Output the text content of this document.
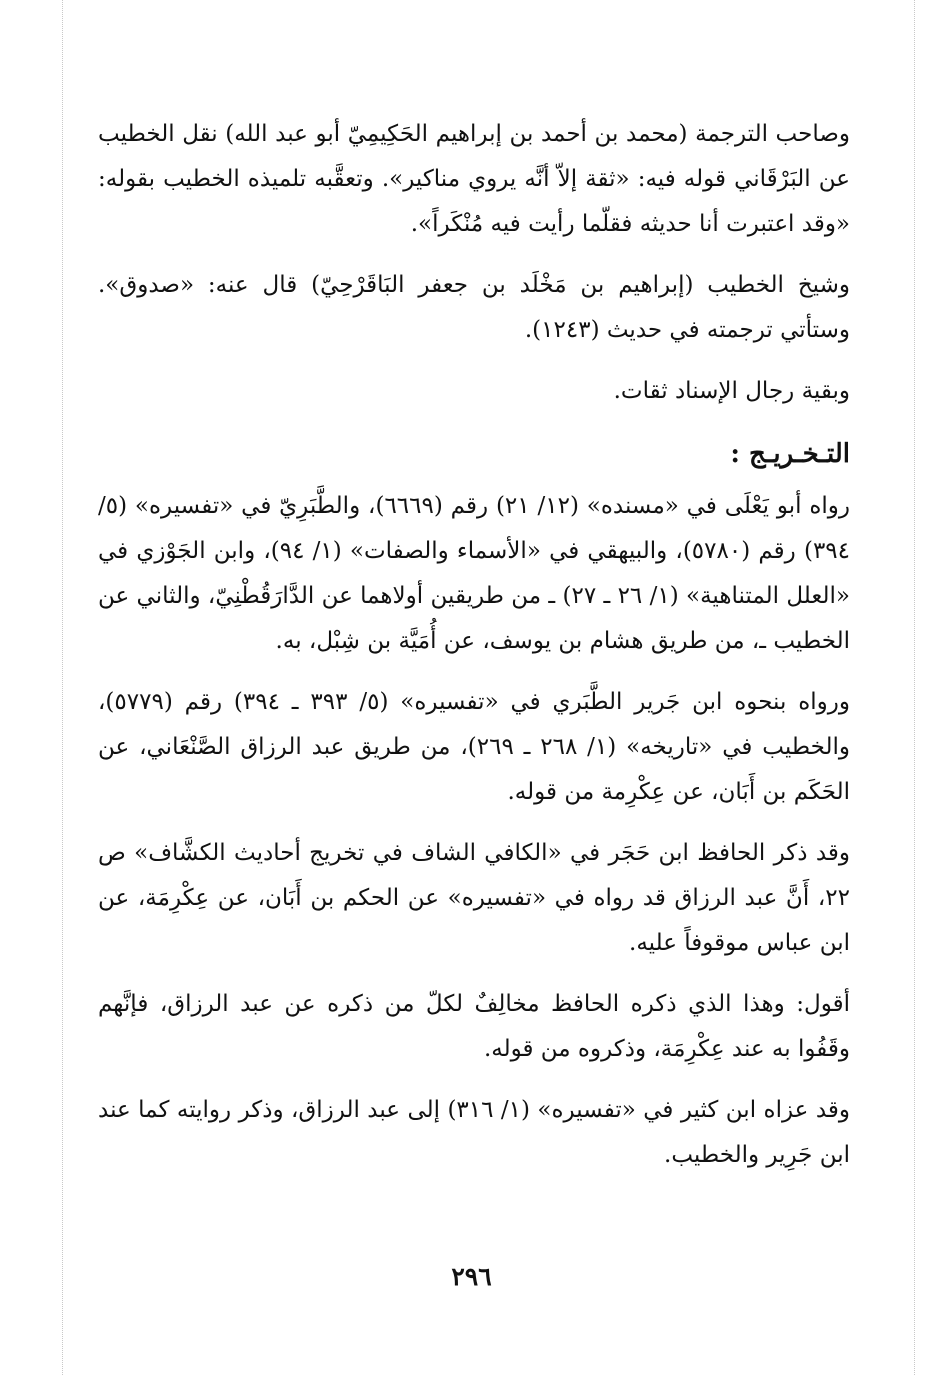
وصاحب الترجمة (محمد بن أحمد بن إبراهيم الحَكِيمِيّ أبو عبد الله) نقل الخطيب عن البَرْقَاني قوله فيه: «ثقة إلاّ أنَّه يروي مناكير». وتعقَّبه تلميذه الخطيب بقوله: «وقد اعتبرت أنا حديثه فقلّما رأيت فيه مُنْكَراً».

وشيخ الخطيب (إبراهيم بن مَخْلَد بن جعفر البَاقَرْحِيّ) قال عنه: «صدوق». وستأتي ترجمته في حديث (١٢٤٣).

وبقية رجال الإسناد ثقات.

التـخـريـج :

رواه أبو يَعْلَى في «مسنده» (١٢/ ٢١) رقم (٦٦٦٩)، والطَّبَرِيّ في «تفسيره» (٥/ ٣٩٤) رقم (٥٧٨٠)، والبيهقي في «الأسماء والصفات» (١/ ٩٤)، وابن الجَوْزي في «العلل المتناهية» (١/ ٢٦ ـ ٢٧) ـ من طريقين أولاهما عن الدَّارَقُطْنِيّ، والثاني عن الخطيب ـ، من طريق هشام بن يوسف، عن أُمَيَّة بن شِبْل، به.

ورواه بنحوه ابن جَرير الطَّبَري في «تفسيره» (٥/ ٣٩٣ ـ ٣٩٤) رقم (٥٧٧٩)، والخطيب في «تاريخه» (١/ ٢٦٨ ـ ٢٦٩)، من طريق عبد الرزاق الصَّنْعَاني، عن الحَكَم بن أَبَان، عن عِكْرِمة من قوله.

وقد ذكر الحافظ ابن حَجَر في «الكافي الشاف في تخريج أحاديث الكشَّاف» ص ٢٢، أَنَّ عبد الرزاق قد رواه في «تفسيره» عن الحكم بن أَبَان، عن عِكْرِمَة، عن ابن عباس موقوفاً عليه.

أقول: وهذا الذي ذكره الحافظ مخالِفٌ لكلّ من ذكره عن عبد الرزاق، فإنَّهم وقَفُوا به عند عِكْرِمَة، وذكروه من قوله.

وقد عزاه ابن كثير في «تفسيره» (١/ ٣١٦) إلى عبد الرزاق، وذكر روايته كما عند ابن جَرِير والخطيب.

٢٩٦
